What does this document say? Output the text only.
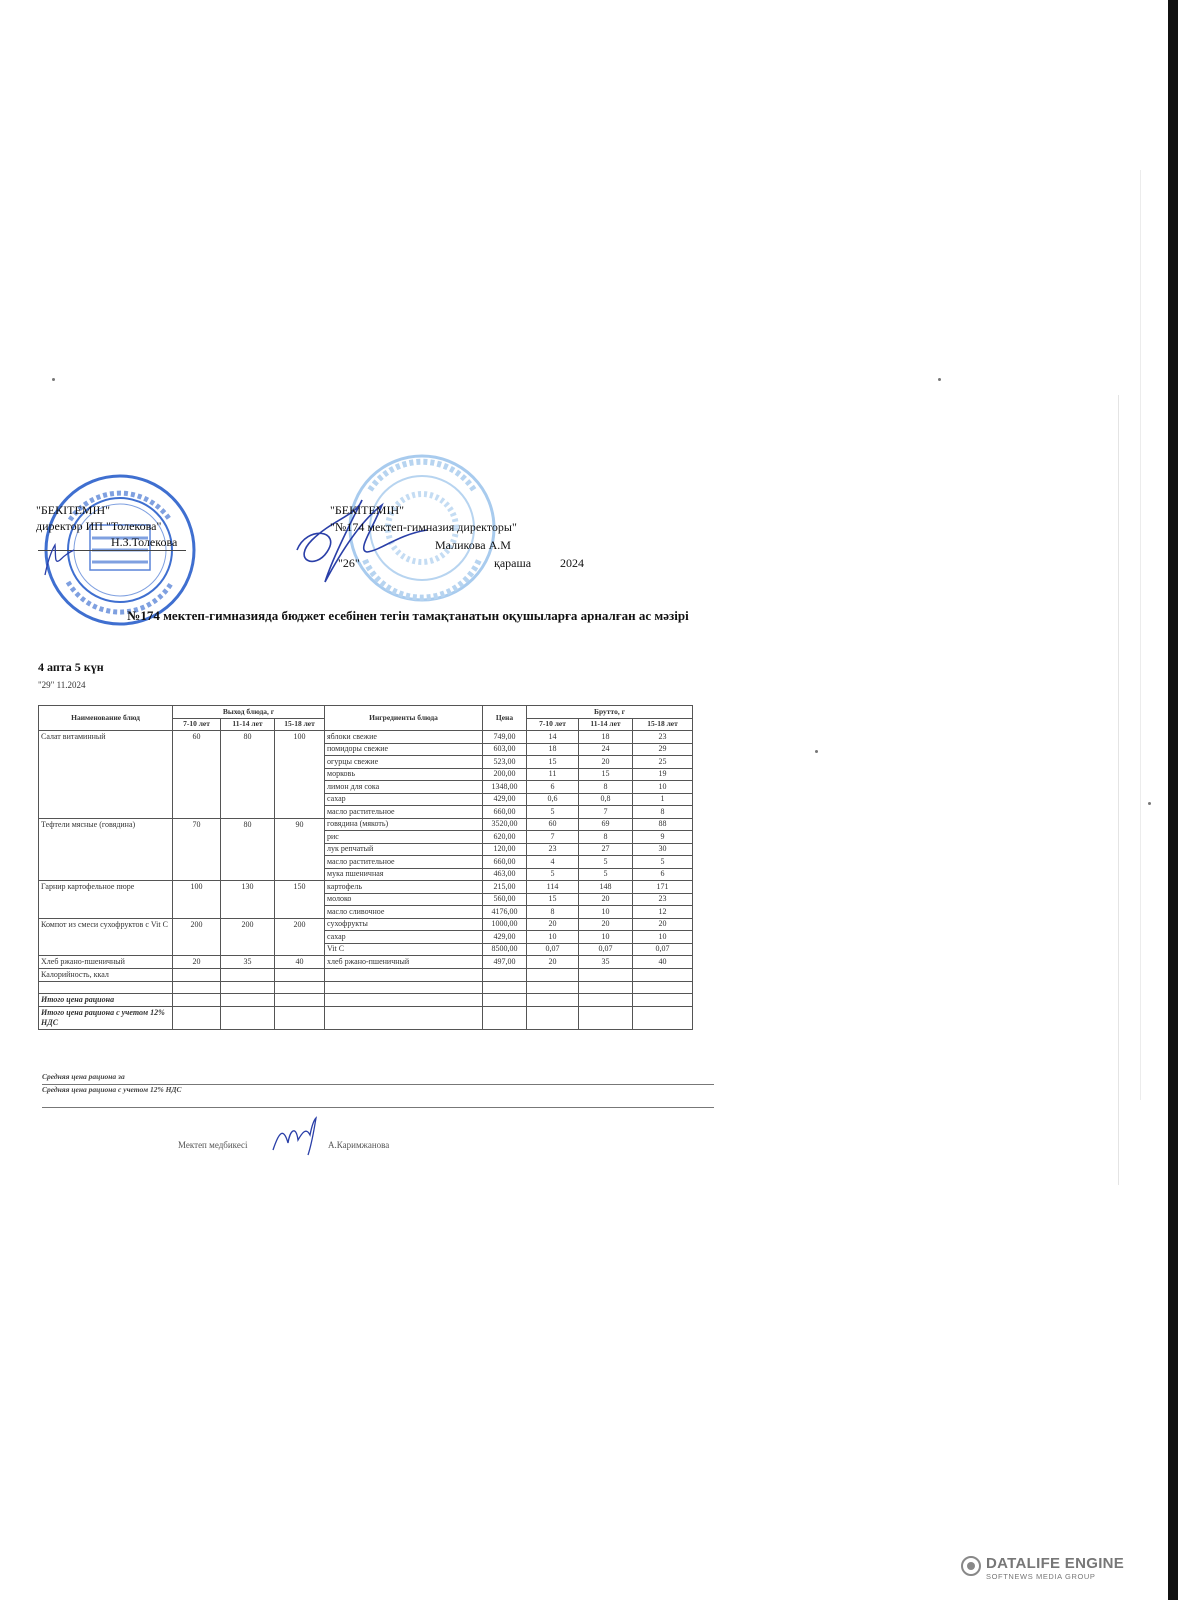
"БЕКІТЕМІН"
директор ИП "Толекова"
Н.З.Толекова
"БЕКІТЕМІН"
"№174 мектеп-гимназия директоры"
Маликова А.М
"26"	қараша 2024
№174 мектеп-гимназияда бюджет есебінен тегін тамақтанатын оқушыларға арналған ас мәзірі
4 апта 5 күн
"29" 11.2024
Наименование блюд	Выход блюда, г			Ингредиенты блюда	Цена	Брутто, г		
	7-10 лет	11-14 лет	15-18 лет			7-10 лет	11-14 лет	15-18 лет
Салат витаминный	60	80	100	яблоки свежие	749,00	14	18	23
				помидоры свежие	603,00	18	24	29
				огурцы свежие	523,00	15	20	25
				морковь	200,00	11	15	19
				лимон для сока	1348,00	6	8	10
				сахар	429,00	0,6	0,8	1
				масло растительное	660,00	5	7	8
Тефтели мясные (говядина)	70	80	90	говядина (мякоть)	3520,00	60	69	88
				рис	620,00	7	8	9
				лук репчатый	120,00	23	27	30
				масло растительное	660,00	4	5	5
				мука пшеничная	463,00	5	5	6
Гарнир картофельное пюре	100	130	150	картофель	215,00	114	148	171
				молоко	560,00	15	20	23
				масло сливочное	4176,00	8	10	12
Компот из смеси сухофруктов с Vit C	200	200	200	сухофрукты	1000,00	20	20	20
				сахар	429,00	10	10	10
				Vit C	8500,00	0,07	0,07	0,07
Хлеб ржано-пшеничный	20	35	40	хлеб ржано-пшеничный	497,00	20	35	40
Калорийность, ккал								

Итого цена рациона								
Итого цена рациона с учетом 12% НДС								
Средняя цена рациона за
Средняя цена рациона с учетом 12% НДС
Мектеп медбикесі	А.Каримжанова
DATALIFE ENGINE
SOFTNEWS MEDIA GROUP
